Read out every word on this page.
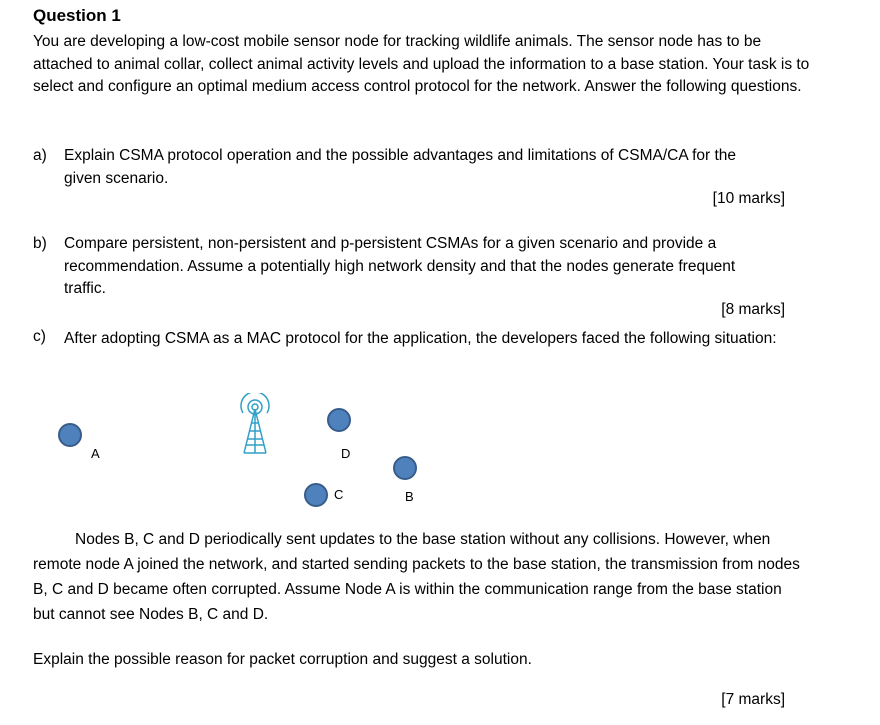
Question 1
You are developing a low-cost mobile sensor node for tracking wildlife animals. The sensor node has to be attached to animal collar, collect animal activity levels and upload the information to a base station. Your task is to select and configure an optimal medium access control protocol for the network. Answer the following questions.
a) Explain CSMA protocol operation and the possible advantages and limitations of CSMA/CA for the given scenario.
[10 marks]
b) Compare persistent, non-persistent and p-persistent CSMAs for a given scenario and provide a recommendation. Assume a potentially high network density and that the nodes generate frequent traffic.
[8 marks]
c) After adopting CSMA as a MAC protocol for the application, the developers faced the following situation:
A	D
B
C
Nodes B, C and D periodically sent updates to the base station without any collisions. However, when remote node A joined the network, and started sending packets to the base station, the transmission from nodes B, C and D became often corrupted. Assume Node A is within the communication range from the base station but cannot see Nodes B, C and D.
Explain the possible reason for packet corruption and suggest a solution.
[7 marks]
